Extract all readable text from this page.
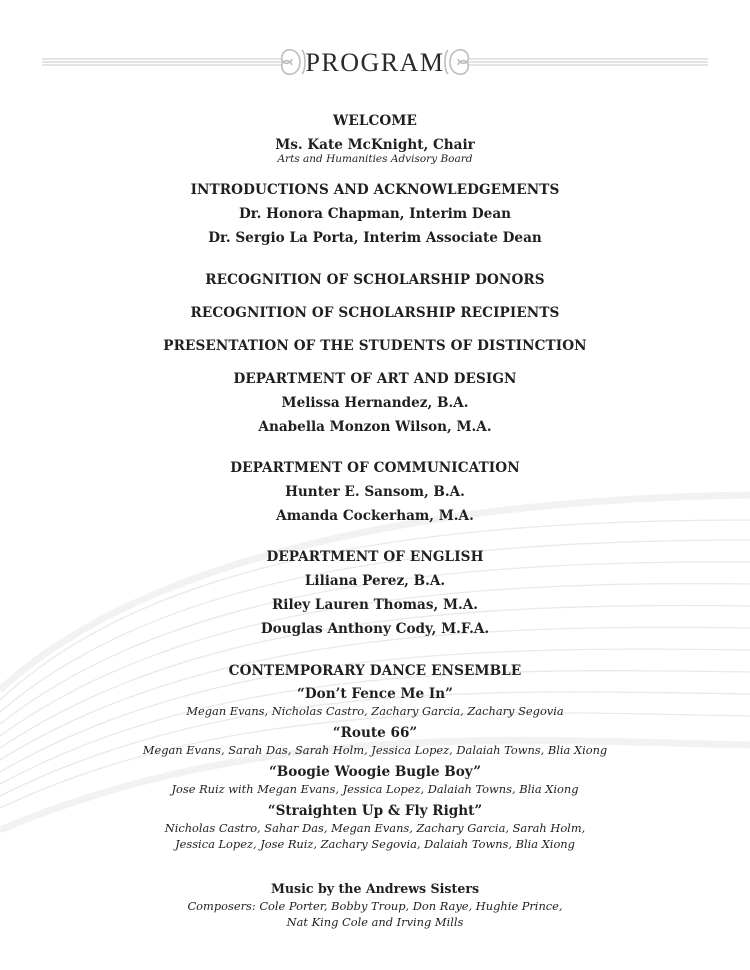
PROGRAM
WELCOME
Ms. Kate McKnight, Chair
Arts and Humanities Advisory Board
INTRODUCTIONS AND ACKNOWLEDGEMENTS
Dr. Honora Chapman, Interim Dean
Dr. Sergio La Porta, Interim Associate Dean
RECOGNITION OF SCHOLARSHIP DONORS
RECOGNITION OF SCHOLARSHIP RECIPIENTS
PRESENTATION OF THE STUDENTS OF DISTINCTION
DEPARTMENT OF ART AND DESIGN
Melissa Hernandez, B.A.
Anabella Monzon Wilson, M.A.
DEPARTMENT OF COMMUNICATION
Hunter E. Sansom, B.A.
Amanda Cockerham, M.A.
DEPARTMENT OF ENGLISH
Liliana Perez, B.A.
Riley Lauren Thomas, M.A.
Douglas Anthony Cody, M.F.A.
CONTEMPORARY DANCE ENSEMBLE
“Don’t Fence Me In”
Megan Evans, Nicholas Castro, Zachary Garcia, Zachary Segovia
“Route 66”
Megan Evans, Sarah Das, Sarah Holm, Jessica Lopez, Dalaiah Towns, Blia Xiong
“Boogie Woogie Bugle Boy”
Jose Ruiz with Megan Evans, Jessica Lopez, Dalaiah Towns, Blia Xiong
“Straighten Up & Fly Right”
Nicholas Castro, Sahar Das, Megan Evans, Zachary Garcia, Sarah Holm,
Jessica Lopez, Jose Ruiz, Zachary Segovia, Dalaiah Towns, Blia Xiong
Music by the Andrews Sisters
Composers: Cole Porter, Bobby Troup, Don Raye, Hughie Prince,
Nat King Cole and Irving Mills
